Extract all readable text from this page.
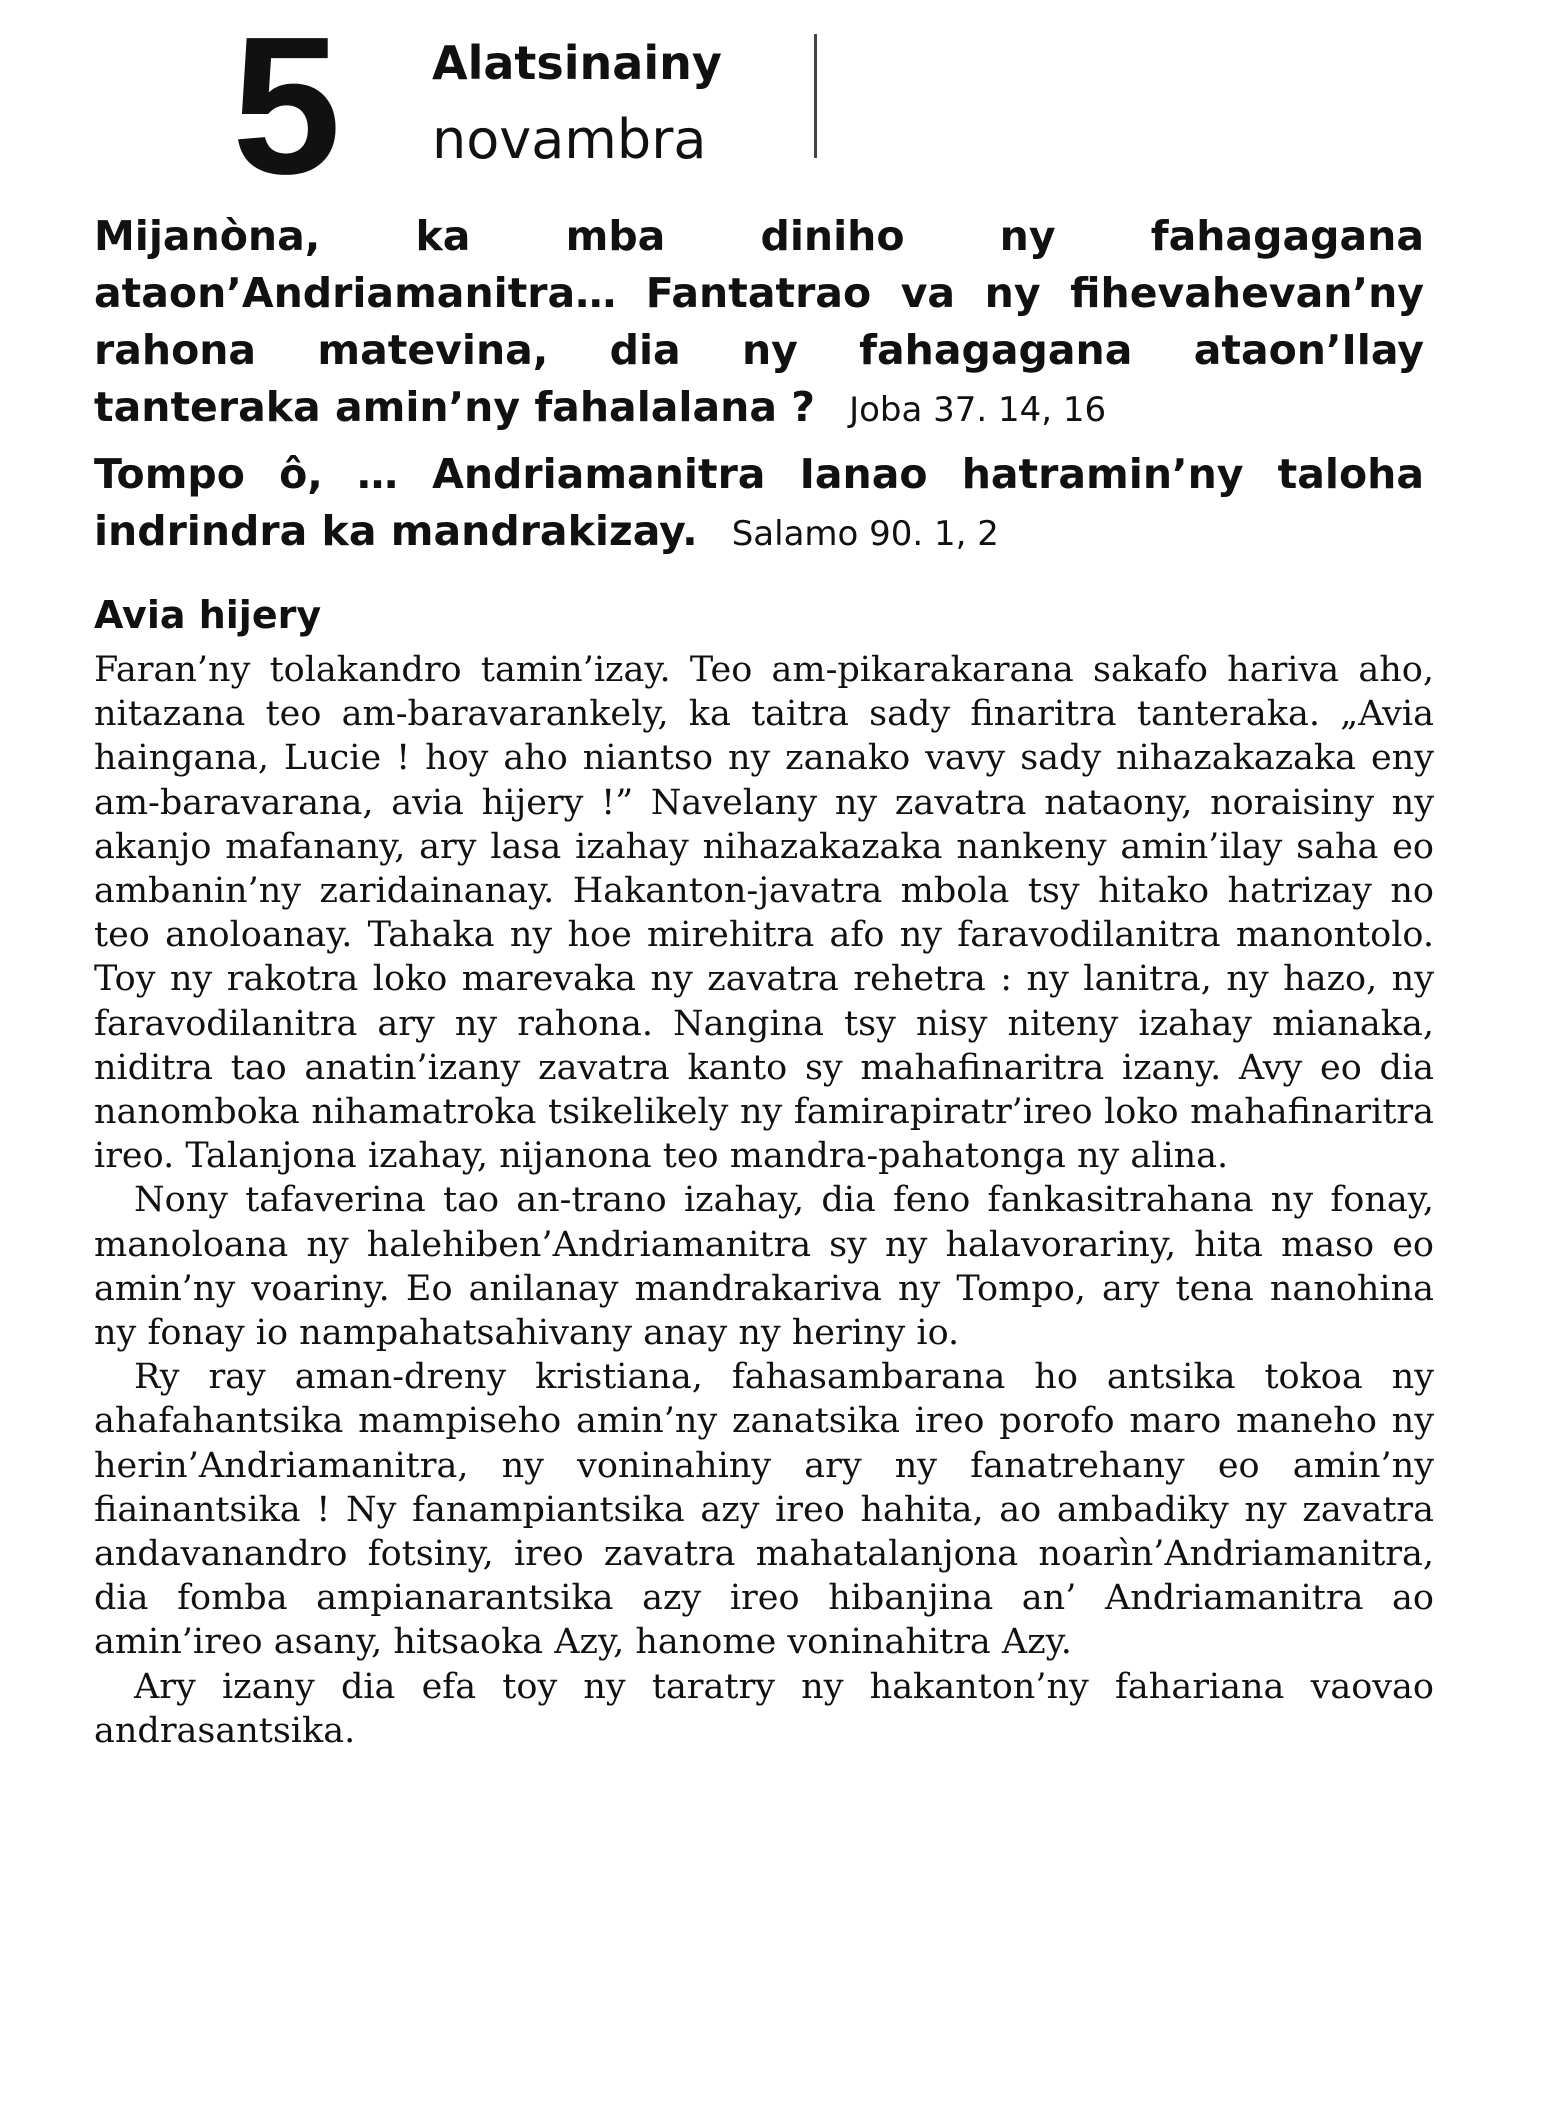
5 Alatsinainy
novambra
Mijanòna, ka mba diniho ny fahagagana ataon’Andriamanitra… Fantatrao va ny fihevahevan’ny rahona matevina, dia ny fahagagana ataon’Ilay tanteraka amin’ny fahalalana ? Joba 37. 14, 16
Tompo ô, … Andriamanitra Ianao hatramin’ny taloha indrindra ka mandrakizay. Salamo 90. 1, 2
Avia hijery

Faran’ny tolakandro tamin’izay. Teo am-pikarakarana sakafo hariva aho, nitazana teo am-baravarankely, ka taitra sady finaritra tanteraka. „Avia haingana, Lucie ! hoy aho niantso ny zanako vavy sady nihazakazaka eny am-baravarana, avia hijery !” Navelany ny zavatra nataony, noraisiny ny akanjo mafanany, ary lasa izahay nihazakazaka nankeny amin’ilay saha eo ambanin’ny zaridainanay. Hakanton-javatra mbola tsy hitako hatrizay no teo anoloanay. Tahaka ny hoe mirehitra afo ny faravodilanitra manontolo. Toy ny rakotra loko marevaka ny zavatra rehetra : ny lanitra, ny hazo, ny faravodilanitra ary ny rahona. Nangina tsy nisy niteny izahay mianaka, niditra tao anatin’izany zavatra kanto sy mahafinaritra izany. Avy eo dia nanomboka nihamatroka tsikelikely ny famirapiratr’ireo loko mahafinaritra ireo. Talanjona izahay, nijanona teo mandra-pahatonga ny alina.

Nony tafaverina tao an-trano izahay, dia feno fankasitrahana ny fonay, manoloana ny halehiben’Andriamanitra sy ny halavorariny, hita maso eo amin’ny voariny. Eo anilanay mandrakariva ny Tompo, ary tena nanohina ny fonay io nampahatsahivany anay ny heriny io.

Ry ray aman-dreny kristiana, fahasambarana ho antsika tokoa ny ahafahantsika mampiseho amin’ny zanatsika ireo porofo maro maneho ny herin’Andriamanitra, ny voninahiny ary ny fanatrehany eo amin’ny fiainantsika ! Ny fanampiantsika azy ireo hahita, ao ambadiky ny zavatra andavanandro fotsiny, ireo zavatra mahatalanjona noarìn’Andriamanitra, dia fomba ampianarantsika azy ireo hibanjina an’ Andriamanitra ao amin’ireo asany, hitsaoka Azy, hanome voninahitra Azy.

Ary izany dia efa toy ny taratry ny hakanton’ny fahariana vaovao andrasantsika.
